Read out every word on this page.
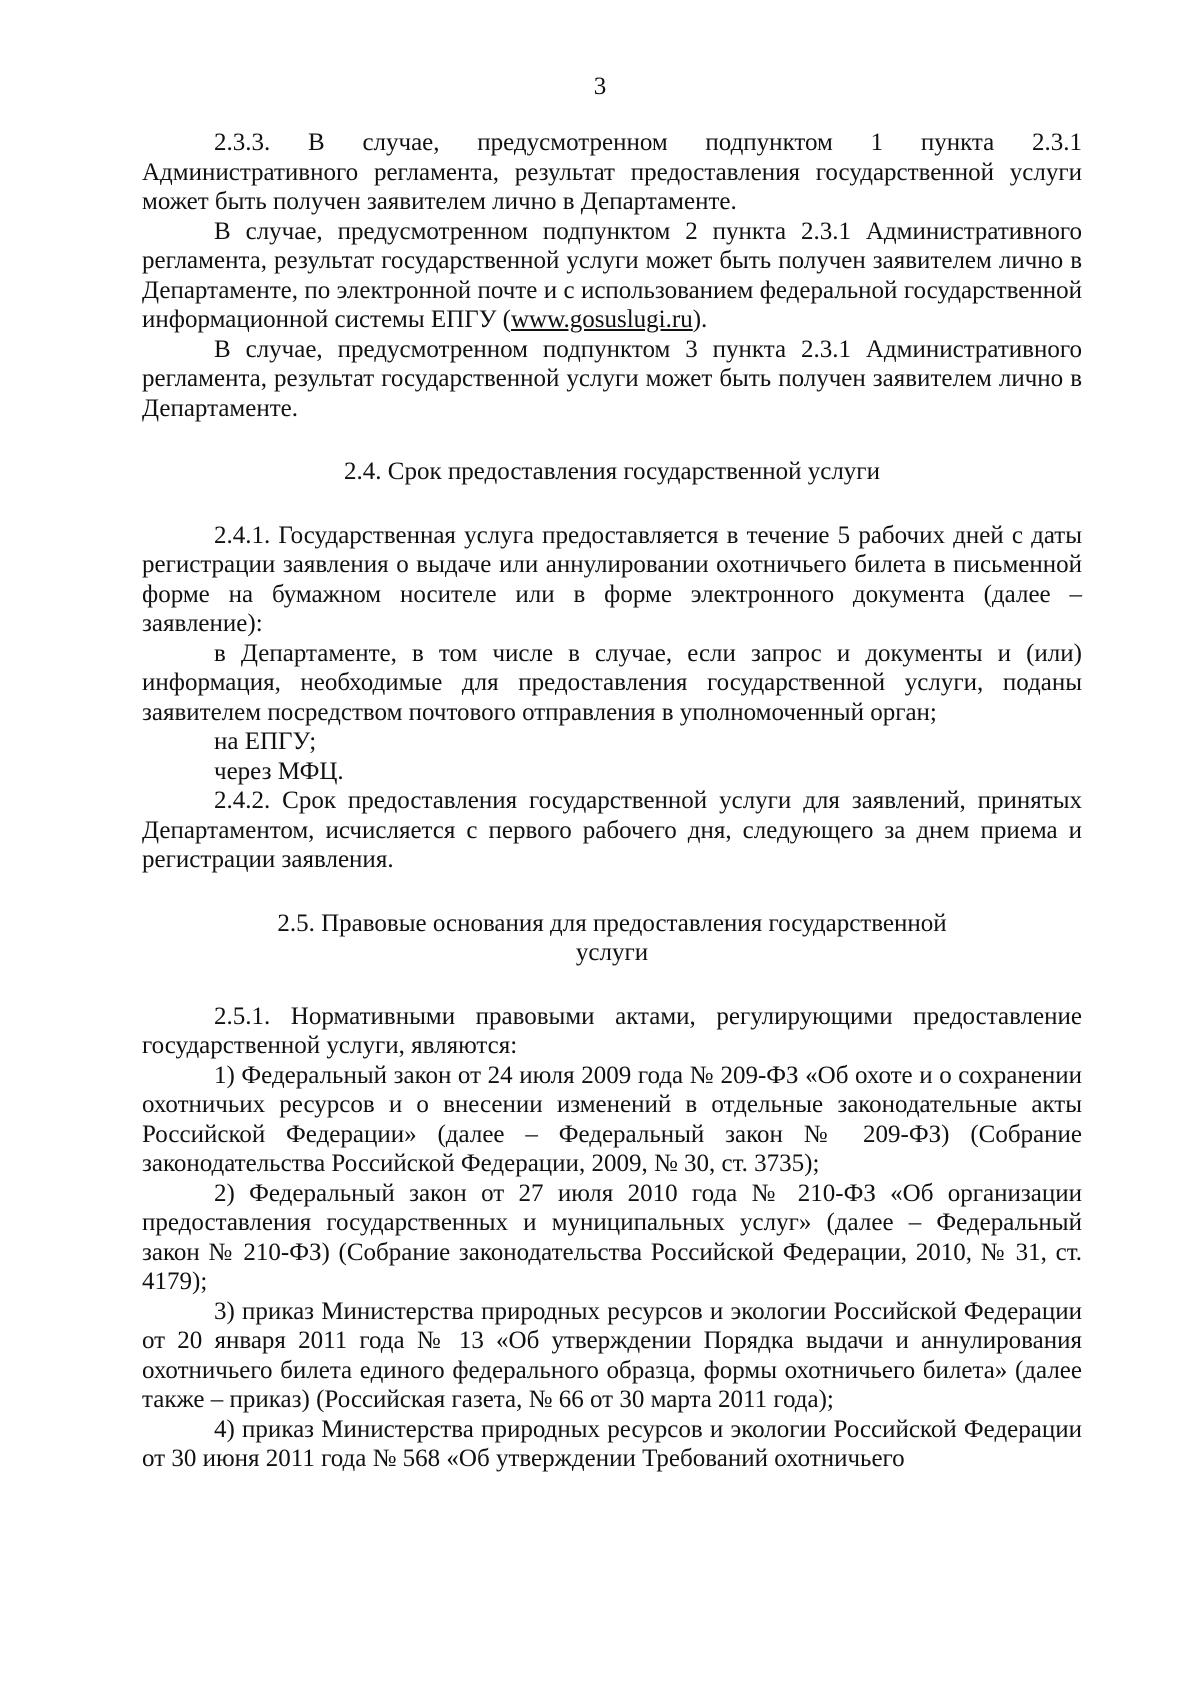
3

2.3.3. В случае, предусмотренном подпунктом 1 пункта 2.3.1 Административного регламента, результат предоставления государственной услуги может быть получен заявителем лично в Департаменте.

В случае, предусмотренном подпунктом 2 пункта 2.3.1 Административного регламента, результат государственной услуги может быть получен заявителем лично в Департаменте, по электронной почте и с использованием федеральной государственной информационной системы ЕПГУ (www.gosuslugi.ru).

В случае, предусмотренном подпунктом 3 пункта 2.3.1 Административного регламента, результат государственной услуги может быть получен заявителем лично в Департаменте.

2.4. Срок предоставления государственной услуги

2.4.1. Государственная услуга предоставляется в течение 5 рабочих дней с даты регистрации заявления о выдаче или аннулировании охотничьего билета в письменной форме на бумажном носителе или в форме электронного документа (далее – заявление):

в Департаменте, в том числе в случае, если запрос и документы и (или) информация, необходимые для предоставления государственной услуги, поданы заявителем посредством почтового отправления в уполномоченный орган;

на ЕПГУ;

через МФЦ.

2.4.2. Срок предоставления государственной услуги для заявлений, принятых Департаментом, исчисляется с первого рабочего дня, следующего за днем приема и регистрации заявления.

2.5. Правовые основания для предоставления государственной услуги

2.5.1. Нормативными правовыми актами, регулирующими предоставление государственной услуги, являются:

1) Федеральный закон от 24 июля 2009 года № 209-ФЗ «Об охоте и о сохранении охотничьих ресурсов и о внесении изменений в отдельные законодательные акты Российской Федерации» (далее – Федеральный закон № 209-ФЗ) (Собрание законодательства Российской Федерации, 2009, № 30, ст. 3735);

2) Федеральный закон от 27 июля 2010 года № 210-ФЗ «Об организации предоставления государственных и муниципальных услуг» (далее – Федеральный закон № 210-ФЗ) (Собрание законодательства Российской Федерации, 2010, № 31, ст. 4179);

3) приказ Министерства природных ресурсов и экологии Российской Федерации от 20 января 2011 года № 13 «Об утверждении Порядка выдачи и аннулирования охотничьего билета единого федерального образца, формы охотничьего билета» (далее также – приказ) (Российская газета, № 66 от 30 марта 2011 года);

4) приказ Министерства природных ресурсов и экологии Российской Федерации от 30 июня 2011 года № 568 «Об утверждении Требований охотничьего
